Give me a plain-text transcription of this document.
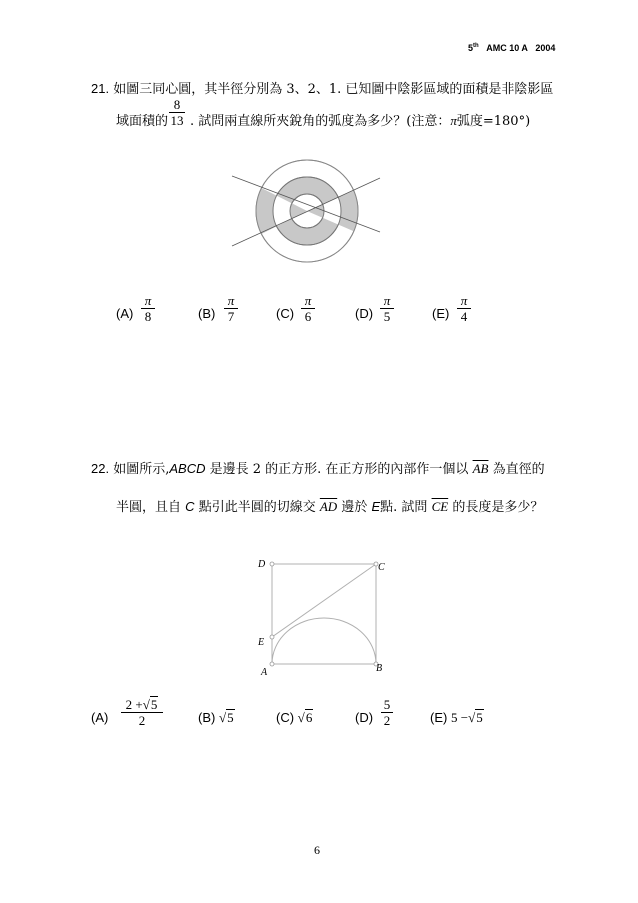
5th AMC 10 A 2004
21. 如圖三同心圓，其半徑分別為 3、2、1. 已知圖中陰影區域的面積是非陰影區
域面積的
8
13 . 試問兩直線所夾銳角的弧度為多少？(注意：π弧度=180°)
(A)
π
8	(B)
π
7	(C)
π
6	(D)
π
5	(E)
π
4
22. 如圖所示,ABCD 是邊長 2 的正方形. 在正方形的內部作一個以 $\overline{AB}$ 為直徑的
半圓，且自 C 點引此半圓的切線交 $\overline{AD}$ 邊於 E點. 試問 $\overline{CE}$ 的長度是多少？
D	C
E
A	B
(A)
2 +√5
2	(B) √5	(C) √6	(D)
5
2	(E) 5 −√5
6
